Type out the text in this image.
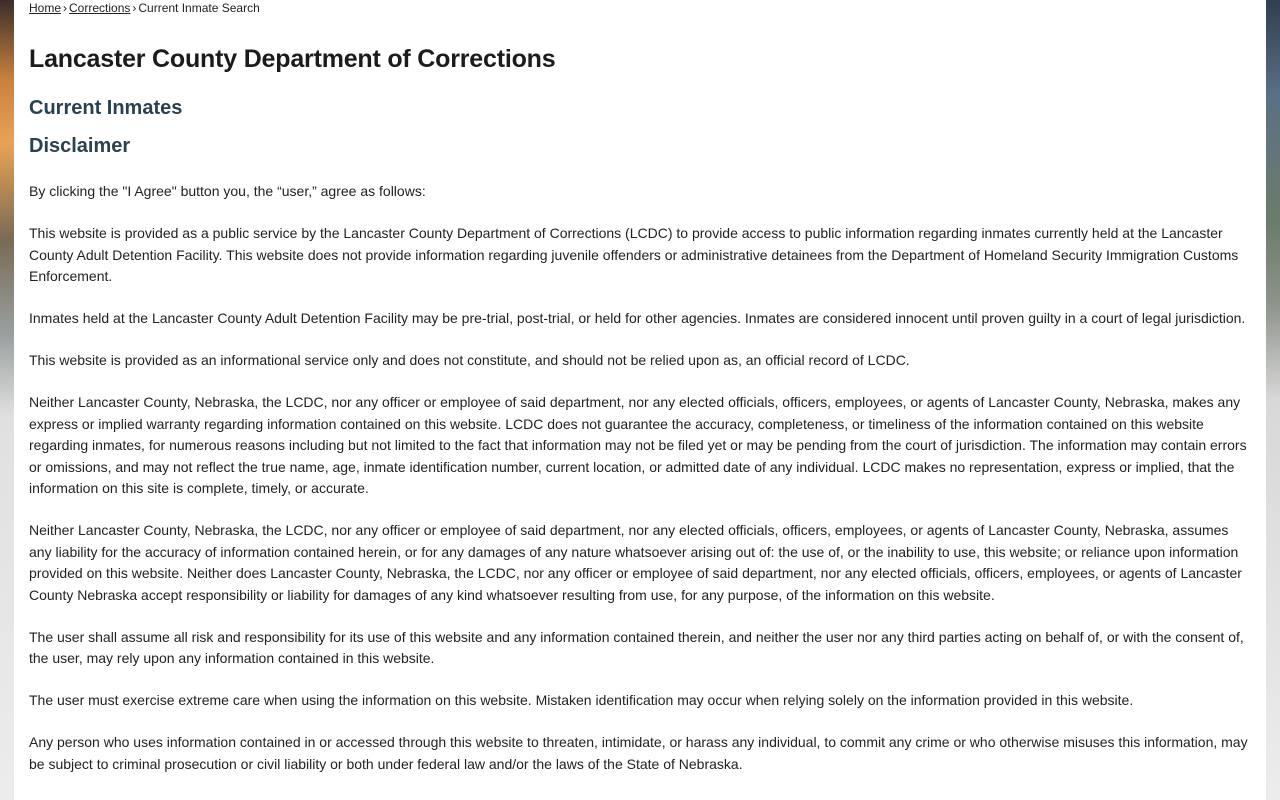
Home › Corrections › Current Inmate Search
Lancaster County Department of Corrections
Current Inmates
Disclaimer

By clicking the "I Agree" button you, the “user,” agree as follows:

This website is provided as a public service by the Lancaster County Department of Corrections (LCDC) to provide access to public information regarding inmates currently held at the Lancaster County Adult Detention Facility. This website does not provide information regarding juvenile offenders or administrative detainees from the Department of Homeland Security Immigration Customs Enforcement.

Inmates held at the Lancaster County Adult Detention Facility may be pre-trial, post-trial, or held for other agencies. Inmates are considered innocent until proven guilty in a court of legal jurisdiction.

This website is provided as an informational service only and does not constitute, and should not be relied upon as, an official record of LCDC.

Neither Lancaster County, Nebraska, the LCDC, nor any officer or employee of said department, nor any elected officials, officers, employees, or agents of Lancaster County, Nebraska, makes any express or implied warranty regarding information contained on this website. LCDC does not guarantee the accuracy, completeness, or timeliness of the information contained on this website regarding inmates, for numerous reasons including but not limited to the fact that information may not be filed yet or may be pending from the court of jurisdiction. The information may contain errors or omissions, and may not reflect the true name, age, inmate identification number, current location, or admitted date of any individual. LCDC makes no representation, express or implied, that the information on this site is complete, timely, or accurate.

Neither Lancaster County, Nebraska, the LCDC, nor any officer or employee of said department, nor any elected officials, officers, employees, or agents of Lancaster County, Nebraska, assumes any liability for the accuracy of information contained herein, or for any damages of any nature whatsoever arising out of: the use of, or the inability to use, this website; or reliance upon information provided on this website. Neither does Lancaster County, Nebraska, the LCDC, nor any officer or employee of said department, nor any elected officials, officers, employees, or agents of Lancaster County Nebraska accept responsibility or liability for damages of any kind whatsoever resulting from use, for any purpose, of the information on this website.

The user shall assume all risk and responsibility for its use of this website and any information contained therein, and neither the user nor any third parties acting on behalf of, or with the consent of, the user, may rely upon any information contained in this website.

The user must exercise extreme care when using the information on this website. Mistaken identification may occur when relying solely on the information provided in this website.

Any person who uses information contained in or accessed through this website to threaten, intimidate, or harass any individual, to commit any crime or who otherwise misuses this information, may be subject to criminal prosecution or civil liability or both under federal law and/or the laws of the State of Nebraska.
